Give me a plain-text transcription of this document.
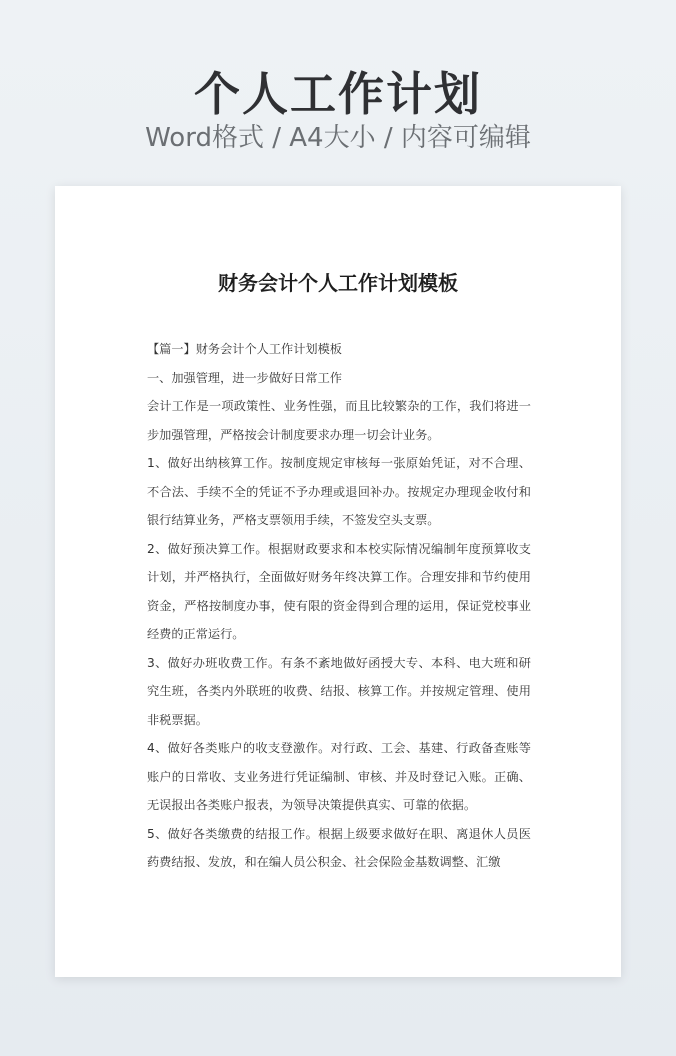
个人工作计划
Word格式 / A4大小 / 内容可编辑
财务会计个人工作计划模板

【篇一】财务会计个人工作计划模板

一、加强管理，进一步做好日常工作

会计工作是一项政策性、业务性强，而且比较繁杂的工作，我们将进一步加强管理，严格按会计制度要求办理一切会计业务。

1、做好出纳核算工作。按制度规定审核每一张原始凭证，对不合理、不合法、手续不全的凭证不予办理或退回补办。按规定办理现金收付和银行结算业务，严格支票领用手续，不签发空头支票。

2、做好预决算工作。根据财政要求和本校实际情况编制年度预算收支计划，并严格执行，全面做好财务年终决算工作。合理安排和节约使用资金，严格按制度办事，使有限的资金得到合理的运用，保证党校事业经费的正常运行。

3、做好办班收费工作。有条不紊地做好函授大专、本科、电大班和研究生班，各类内外联班的收费、结报、核算工作。并按规定管理、使用非税票据。

4、做好各类账户的收支登激作。对行政、工会、基建、行政备查账等账户的日常收、支业务进行凭证编制、审核、并及时登记入账。正确、无误报出各类账户报表，为领导决策提供真实、可靠的依据。

5、做好各类缴费的结报工作。根据上级要求做好在职、离退休人员医药费结报、发放，和在编人员公积金、社会保险金基数调整、汇缴
